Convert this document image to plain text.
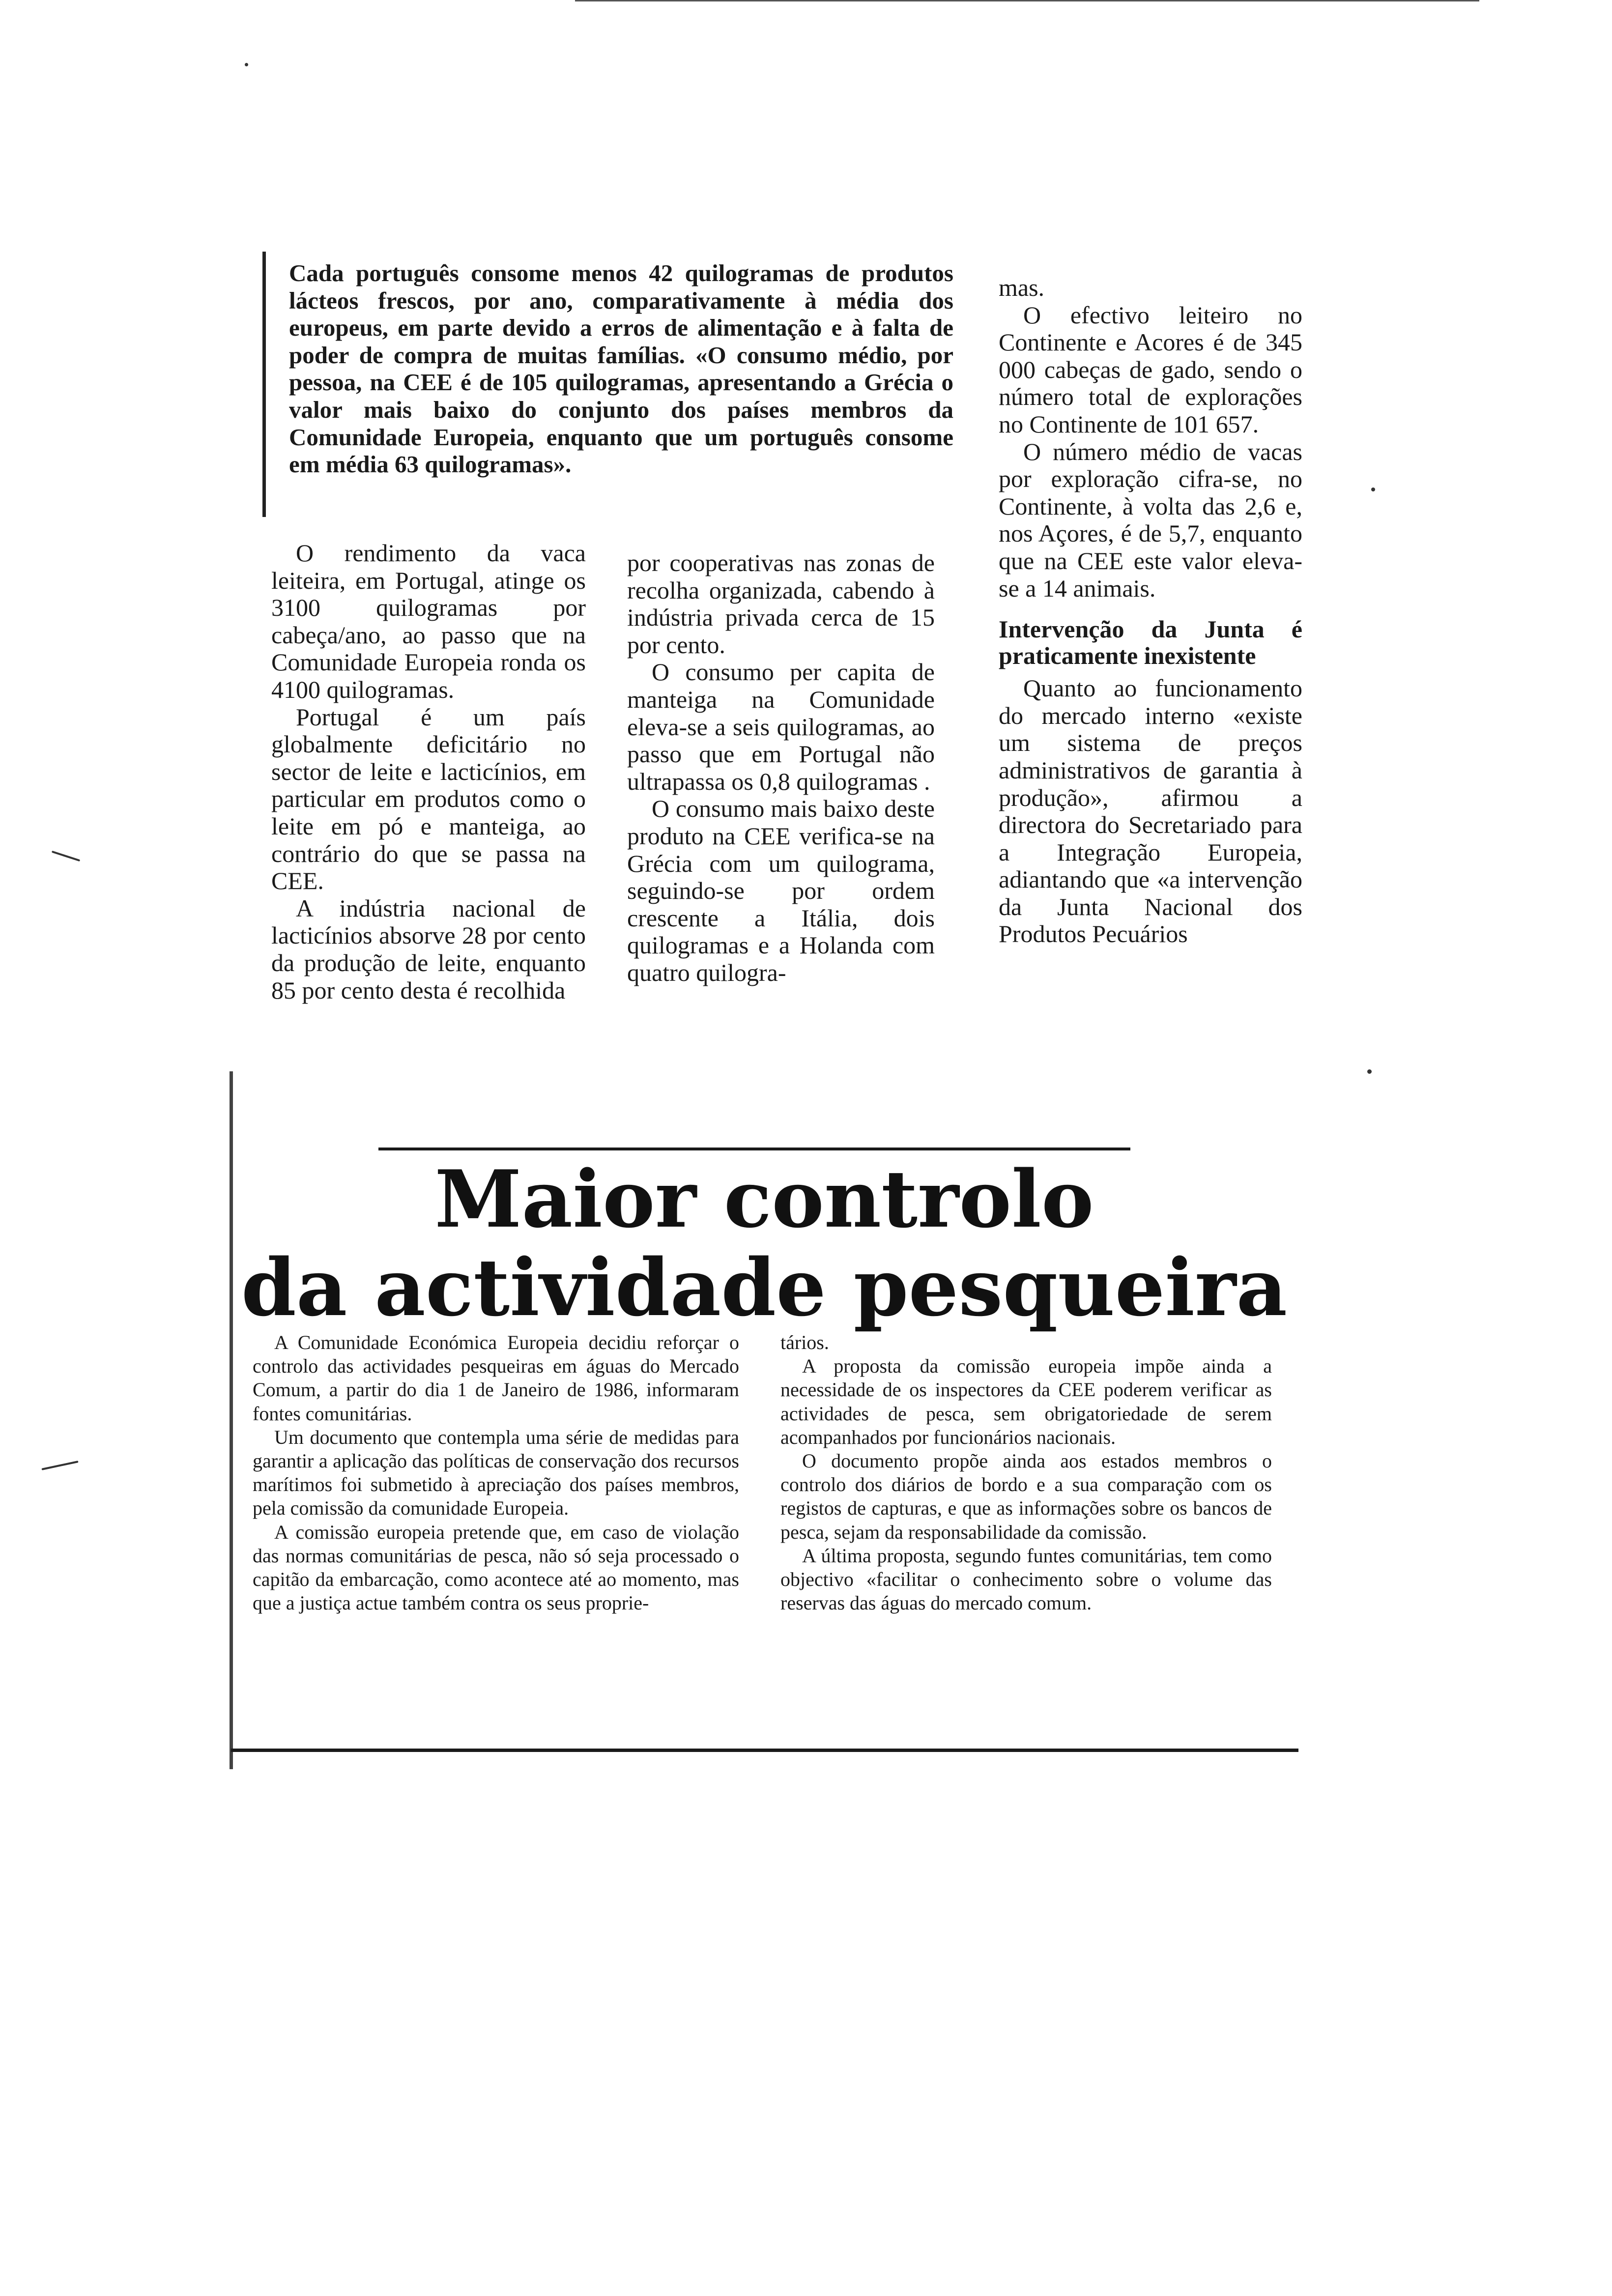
Cada português consome menos 42 quilogramas de produtos lácteos frescos, por ano, comparativamente à média dos europeus, em parte devido a erros de alimentação e à falta de poder de compra de muitas famílias. «O consumo médio, por pessoa, na CEE é de 105 quilogramas, apresentando a Grécia o valor mais baixo do conjunto dos países membros da Comunidade Europeia, enquanto que um português consome em média 63 quilogramas».

O rendimento da vaca leiteira, em Portugal, atinge os 3100 quilogramas por cabeça/ano, ao passo que na Comunidade Europeia ronda os 4100 quilogramas.

Portugal é um país globalmente deficitário no sector de leite e lacticínios, em particular em produtos como o leite em pó e manteiga, ao contrário do que se passa na CEE.

A indústria nacional de lacticínios absorve 28 por cento da produção de leite, enquanto 85 por cento desta é recolhida

por cooperativas nas zonas de recolha organizada, cabendo à indústria privada cerca de 15 por cento.

O consumo per capita de manteiga na Comunidade eleva-se a seis quilogramas, ao passo que em Portugal não ultrapassa os 0,8 quilogramas .

O consumo mais baixo deste produto na CEE verifica-se na Grécia com um quilograma, seguindo-se por ordem crescente a Itália, dois quilogramas e a Holanda com quatro quilogra-

mas.

O efectivo leiteiro no Continente e Acores é de 345 000 cabeças de gado, sendo o número total de explorações no Continente de 101 657.

O número médio de vacas por exploração cifra-se, no Continente, à volta das 2,6 e, nos Açores, é de 5,7, enquanto que na CEE este valor eleva-se a 14 animais.

Intervenção da Junta é praticamente inexistente

Quanto ao funcionamento do mercado interno «existe um sistema de preços administrativos de garantia à produção», afirmou a directora do Secretariado para a Integração Europeia, adiantando que «a intervenção da Junta Nacional dos Produtos Pecuários

Maior controlo
da actividade pesqueira

A Comunidade Económica Europeia decidiu reforçar o controlo das actividades pesqueiras em águas do Mercado Comum, a partir do dia 1 de Janeiro de 1986, informaram fontes comunitárias.

Um documento que contempla uma série de medidas para garantir a aplicação das políticas de conservação dos recursos marítimos foi submetido à apreciação dos países membros, pela comissão da comunidade Europeia.

A comissão europeia pretende que, em caso de violação das normas comunitárias de pesca, não só seja processado o capitão da embarcação, como acontece até ao momento, mas que a justiça actue também contra os seus proprie-

tários.

A proposta da comissão europeia impõe ainda a necessidade de os inspectores da CEE poderem verificar as actividades de pesca, sem obrigatoriedade de serem acompanhados por funcionários nacionais.

O documento propõe ainda aos estados membros o controlo dos diários de bordo e a sua comparação com os registos de capturas, e que as informações sobre os bancos de pesca, sejam da responsabilidade da comissão.

A última proposta, segundo funtes comunitárias, tem como objectivo «facilitar o conhecimento sobre o volume das reservas das águas do mercado comum.
